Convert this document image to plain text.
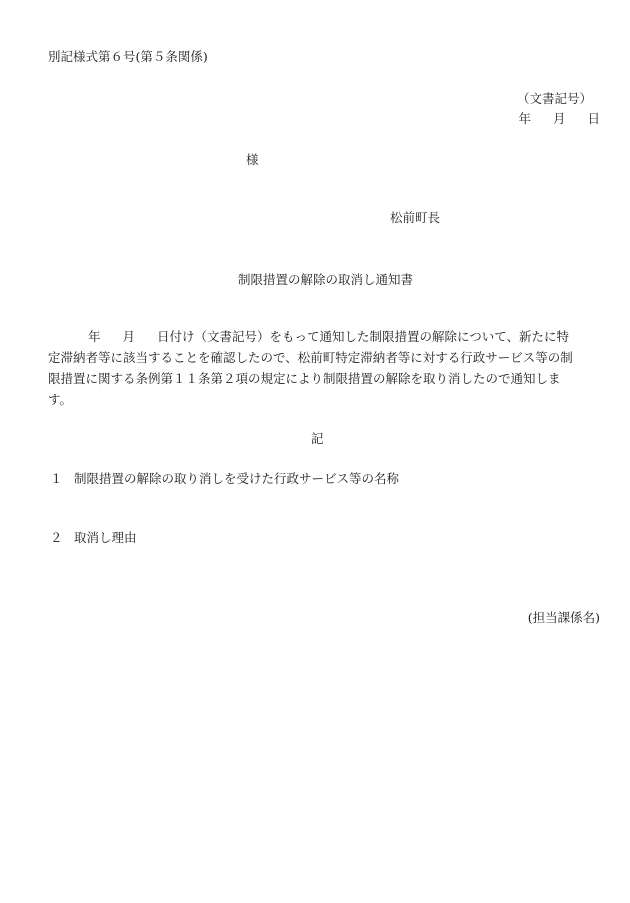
別記様式第６号(第５条関係)
（文書記号）
年 月 日
様
松前町長
制限措置の解除の取消し通知書
年 月 日付け（文書記号）をもって通知した制限措置の解除について、新たに特
定滞納者等に該当することを確認したので、松前町特定滞納者等に対する行政サービス等の制
限措置に関する条例第１１条第２項の規定により制限措置の解除を取り消したので通知しま
す。
記
１ 制限措置の解除の取り消しを受けた行政サービス等の名称
２ 取消し理由
(担当課係名)
